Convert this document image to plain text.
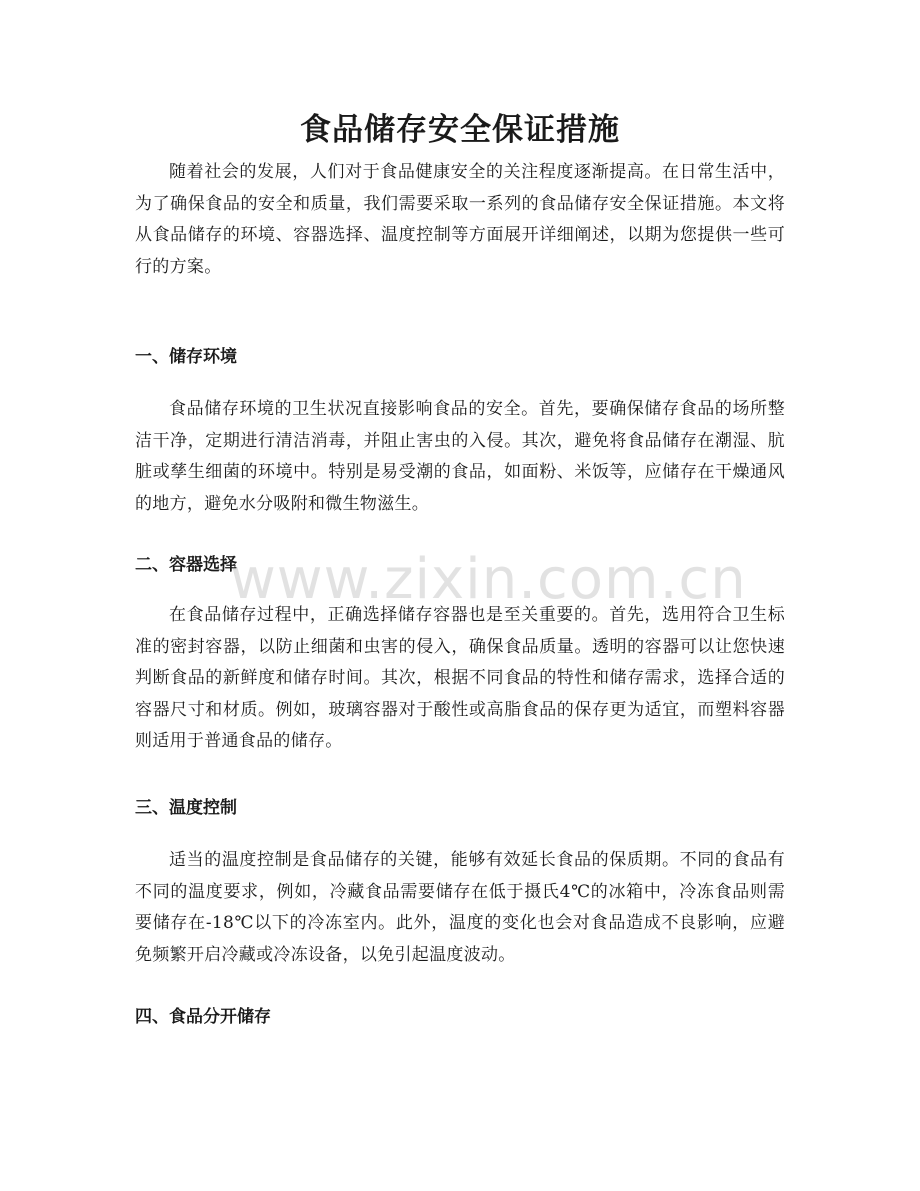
食品储存安全保证措施

随着社会的发展，人们对于食品健康安全的关注程度逐渐提高。在日常生活中，为了确保食品的安全和质量，我们需要采取一系列的食品储存安全保证措施。本文将从食品储存的环境、容器选择、温度控制等方面展开详细阐述，以期为您提供一些可行的方案。

一、储存环境

食品储存环境的卫生状况直接影响食品的安全。首先，要确保储存食品的场所整洁干净，定期进行清洁消毒，并阻止害虫的入侵。其次，避免将食品储存在潮湿、肮脏或孳生细菌的环境中。特别是易受潮的食品，如面粉、米饭等，应储存在干燥通风的地方，避免水分吸附和微生物滋生。

二、容器选择

在食品储存过程中，正确选择储存容器也是至关重要的。首先，选用符合卫生标准的密封容器，以防止细菌和虫害的侵入，确保食品质量。透明的容器可以让您快速判断食品的新鲜度和储存时间。其次，根据不同食品的特性和储存需求，选择合适的容器尺寸和材质。例如，玻璃容器对于酸性或高脂食品的保存更为适宜，而塑料容器则适用于普通食品的储存。

三、温度控制

适当的温度控制是食品储存的关键，能够有效延长食品的保质期。不同的食品有不同的温度要求，例如，冷藏食品需要储存在低于摄氏4℃的冰箱中，冷冻食品则需要储存在-18℃以下的冷冻室内。此外，温度的变化也会对食品造成不良影响，应避免频繁开启冷藏或冷冻设备，以免引起温度波动。

四、食品分开储存
www.zixin.com.cn
